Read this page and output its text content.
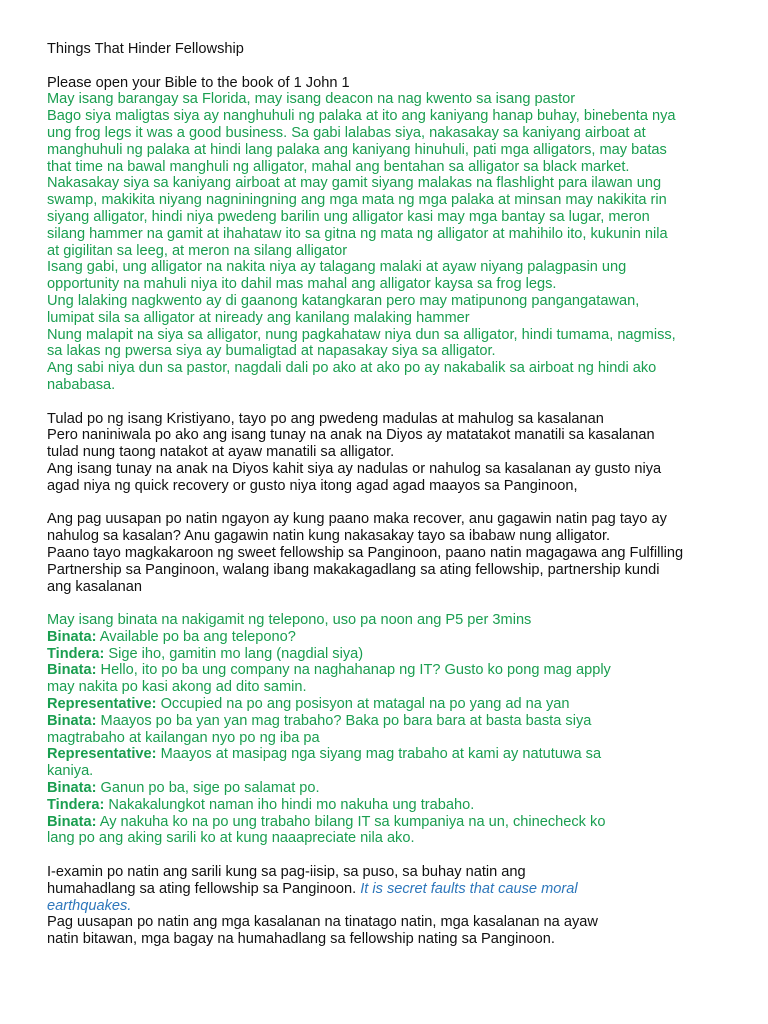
Things That Hinder Fellowship
Please open your Bible to the book of 1 John 1
May isang barangay sa Florida, may isang deacon na nag kwento sa isang pastor
Bago siya maligtas siya ay nanghuhuli ng palaka at ito ang kaniyang hanap buhay, binebenta nya
ung frog legs it was a good business. Sa gabi lalabas siya, nakasakay sa kaniyang airboat at
manghuhuli ng palaka at hindi lang palaka ang kaniyang hinuhuli, pati mga alligators, may batas
that time na bawal manghuli ng alligator, mahal ang bentahan sa alligator sa black market.
Nakasakay siya sa kaniyang airboat at may gamit siyang malakas na flashlight para ilawan ung
swamp, makikita niyang nagniningning ang mga mata ng mga palaka at minsan may nakikita rin
siyang alligator, hindi niya pwedeng barilin ung alligator kasi may mga bantay sa lugar, meron
silang hammer na gamit at ihahataw ito sa gitna ng mata ng alligator at mahihilo ito, kukunin nila
at gigilitan sa leeg, at meron na silang alligator
Isang gabi, ung alligator na nakita niya ay talagang malaki at ayaw niyang palagpasin ung
opportunity na mahuli niya ito dahil mas mahal ang alligator kaysa sa frog legs.
Ung lalaking nagkwento ay di gaanong katangkaran pero may matipunong pangangatawan,
lumipat sila sa alligator at niready ang kanilang malaking hammer
Nung malapit na siya sa alligator, nung pagkahataw niya dun sa alligator, hindi tumama, nagmiss,
sa lakas ng pwersa siya ay bumaligtad at napasakay siya sa alligator.
Ang sabi niya dun sa pastor, nagdali dali po ako at ako po ay nakabalik sa airboat ng hindi ako
nababasa.
Tulad po ng isang Kristiyano, tayo po ang pwedeng madulas at mahulog sa kasalanan
Pero naniniwala po ako ang isang tunay na anak na Diyos ay matatakot manatili sa kasalanan
tulad nung taong natakot at ayaw manatili sa alligator.
Ang isang tunay na anak na Diyos kahit siya ay nadulas or nahulog sa kasalanan ay gusto niya
agad niya ng quick recovery or gusto niya itong agad agad maayos sa Panginoon,
Ang pag uusapan po natin ngayon ay kung paano maka recover, anu gagawin natin pag tayo ay
nahulog sa kasalan? Anu gagawin natin kung nakasakay tayo sa ibabaw nung alligator.
Paano tayo magkakaroon ng sweet fellowship sa Panginoon, paano natin magagawa ang Fulfilling
Partnership sa Panginoon, walang ibang makakagadlang sa ating fellowship, partnership kundi
ang kasalanan
May isang binata na nakigamit ng telepono, uso pa noon ang P5 per 3mins
Binata: Available po ba ang telepono?
Tindera: Sige iho, gamitin mo lang (nagdial siya)
Binata: Hello, ito po ba ung company na naghahanap ng IT? Gusto ko pong mag apply
may nakita po kasi akong ad dito samin.
Representative: Occupied na po ang posisyon at matagal na po yang ad na yan
Binata: Maayos po ba yan yan mag trabaho? Baka po bara bara at basta basta siya
magtrabaho at kailangan nyo po ng iba pa
Representative: Maayos at masipag nga siyang mag trabaho at kami ay natutuwa sa
kaniya.
Binata: Ganun po ba, sige po salamat po.
Tindera: Nakakalungkot naman iho hindi mo nakuha ung trabaho.
Binata: Ay nakuha ko na po ung trabaho bilang IT sa kumpaniya na un, chinecheck ko
lang po ang aking sarili ko at kung naaapreciate nila ako.
I-examin po natin ang sarili kung sa pag-iisip, sa puso, sa buhay natin ang
humahadlang sa ating fellowship sa Panginoon. It is secret faults that cause moral
earthquakes.
Pag uusapan po natin ang mga kasalanan na tinatago natin, mga kasalanan na ayaw
natin bitawan, mga bagay na humahadlang sa fellowship nating sa Panginoon.
